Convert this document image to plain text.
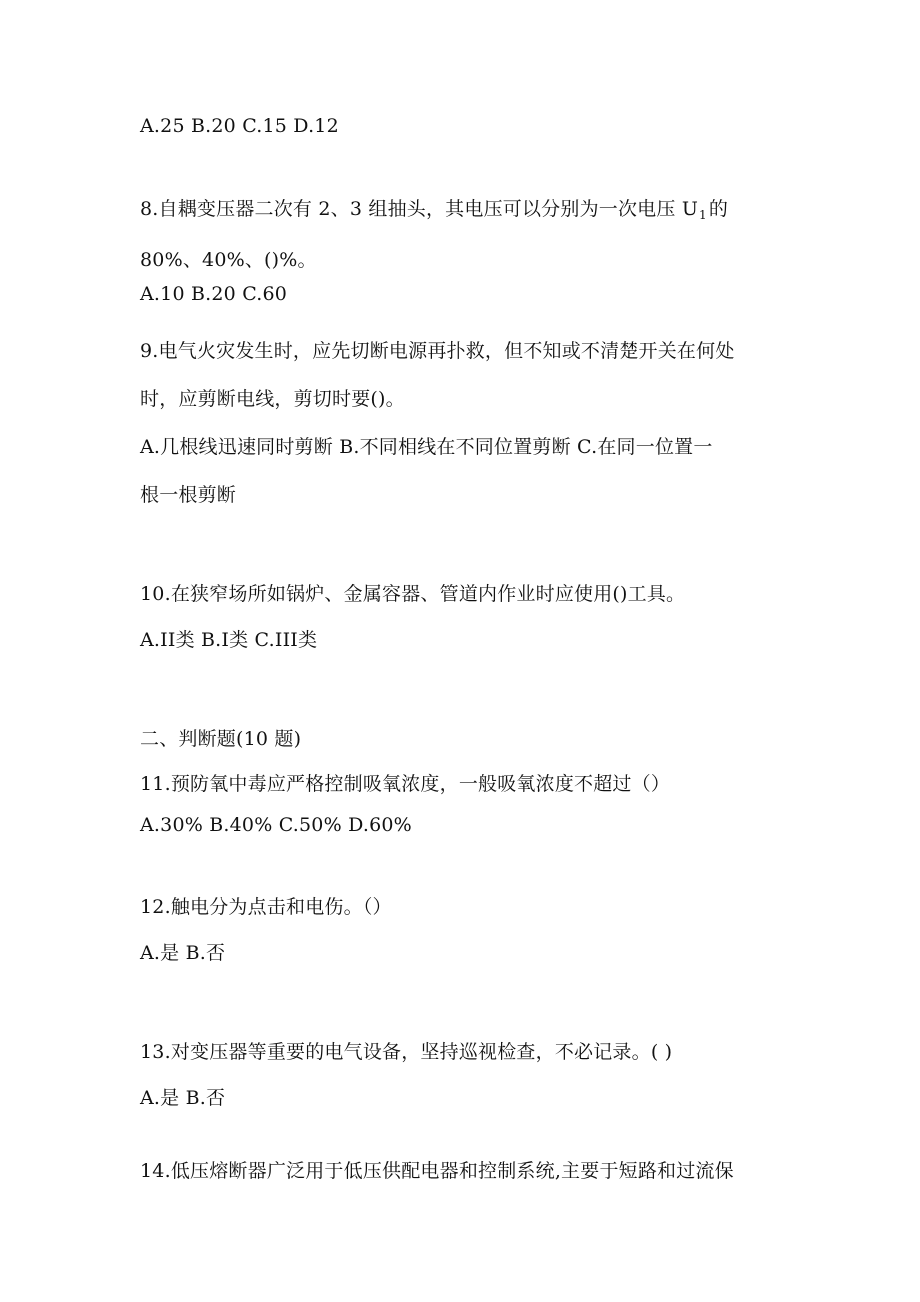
A.25 B.20 C.15 D.12
8.自耦变压器二次有 2、3 组抽头，其电压可以分别为一次电压 $U_1$ 的
80%、40%、()%。
A.10 B.20 C.60
9.电气火灾发生时，应先切断电源再扑救，但不知或不清楚开关在何处
时，应剪断电线，剪切时要()。
A.几根线迅速同时剪断 B.不同相线在不同位置剪断 C.在同一位置一
根一根剪断
10.在狭窄场所如锅炉、金属容器、管道内作业时应使用()工具。
A.II类 B.I类 C.III类
二、判断题(10 题)
11.预防氧中毒应严格控制吸氧浓度，一般吸氧浓度不超过（）
A.30% B.40% C.50% D.60%
12.触电分为点击和电伤。（）
A.是 B.否
13.对变压器等重要的电气设备，坚持巡视检查，不必记录。( )
A.是 B.否
14.低压熔断器广泛用于低压供配电器和控制系统,主要于短路和过流保
